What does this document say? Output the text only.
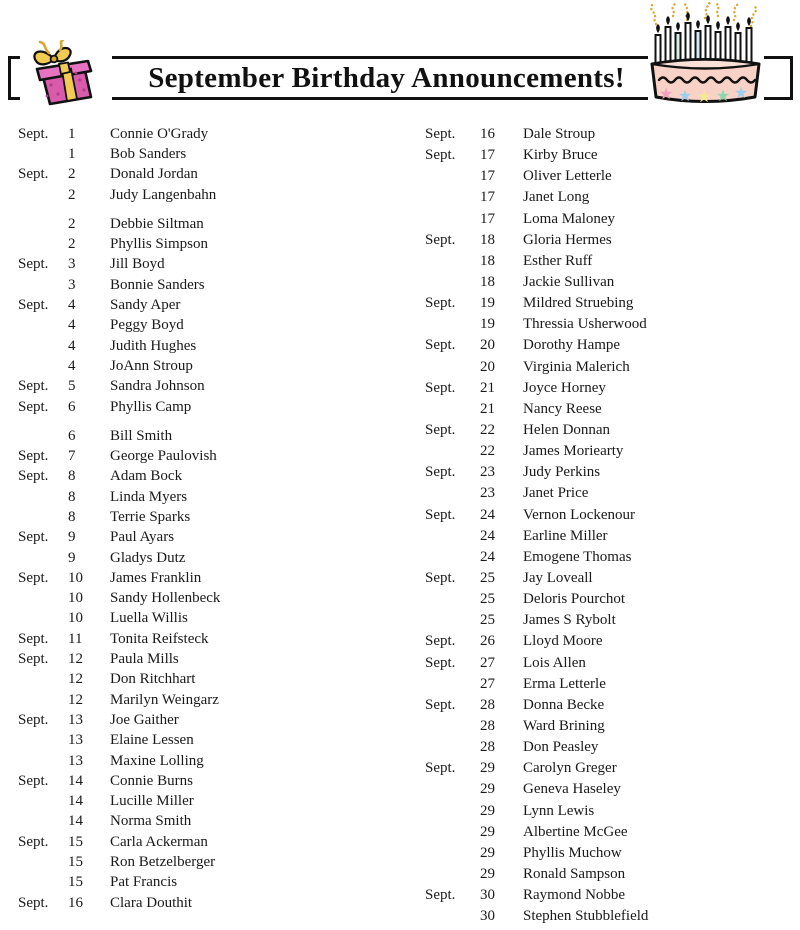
September Birthday Announcements! ★ ★ ★ ★ ★
Sept.	1	Connie O'Grady
1	Bob Sanders
Sept.	2	Donald Jordan
2	Judy Langenbahn
2	Debbie Siltman
2	Phyllis Simpson
Sept.	3	Jill Boyd
3	Bonnie Sanders
Sept.	4	Sandy Aper
4	Peggy Boyd
4	Judith Hughes
4	JoAnn Stroup
Sept.	5	Sandra Johnson
Sept.	6	Phyllis Camp
6	Bill Smith
Sept.	7	George Paulovish
Sept.	8	Adam Bock
8	Linda Myers
8	Terrie Sparks
Sept.	9	Paul Ayars
9	Gladys Dutz
Sept.	10	James Franklin
10	Sandy Hollenbeck
10	Luella Willis
Sept.	11	Tonita Reifsteck
Sept.	12	Paula Mills
12	Don Ritchhart
12	Marilyn Weingarz
Sept.	13	Joe Gaither
13	Elaine Lessen
13	Maxine Lolling
Sept.	14	Connie Burns
14	Lucille Miller
14	Norma Smith
Sept.	15	Carla Ackerman
15	Ron Betzelberger
15	Pat Francis
Sept.	16	Clara Douthit
Sept.	16	Dale Stroup
Sept.	17	Kirby Bruce
17	Oliver Letterle
17	Janet Long
17	Loma Maloney
Sept.	18	Gloria Hermes
18	Esther Ruff
18	Jackie Sullivan
Sept.	19	Mildred Struebing
19	Thressia Usherwood
Sept.	20	Dorothy Hampe
20	Virginia Malerich
Sept.	21	Joyce Horney
21	Nancy Reese
Sept.	22	Helen Donnan
22	James Moriearty
Sept.	23	Judy Perkins
23	Janet Price
Sept.	24	Vernon Lockenour
24	Earline Miller
24	Emogene Thomas
Sept.	25	Jay Loveall
25	Deloris Pourchot
25	James S Rybolt
Sept.	26	Lloyd Moore
Sept.	27	Lois Allen
27	Erma Letterle
Sept.	28	Donna Becke
28	Ward Brining
28	Don Peasley
Sept.	29	Carolyn Greger
29	Geneva Haseley
29	Lynn Lewis
29	Albertine McGee
29	Phyllis Muchow
29	Ronald Sampson
Sept.	30	Raymond Nobbe
30	Stephen Stubblefield
